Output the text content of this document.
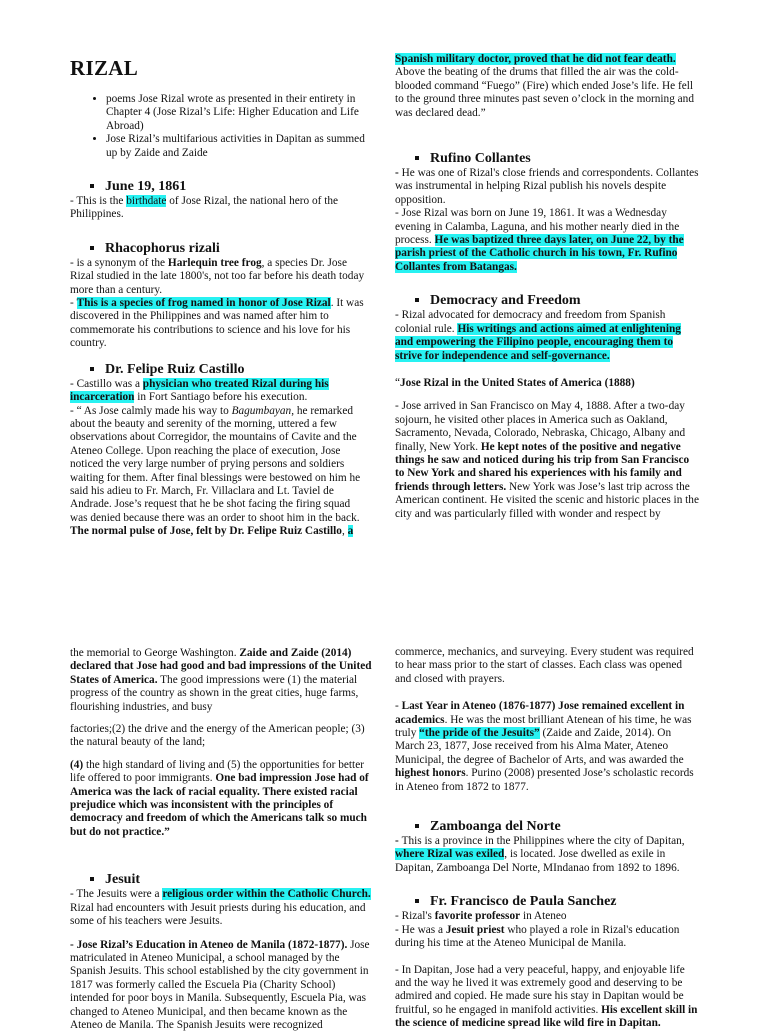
RIZAL
• poems Jose Rizal wrote as presented in their entirety in Chapter 4 (Jose Rizal’s Life: Higher Education and Life Abroad)
• Jose Rizal’s multifarious activities in Dapitan as summed up by Zaide and Zaide
June 19, 1861

- This is the birthdate of Jose Rizal, the national hero of the Philippines.

Rhacophorus rizali

- is a synonym of the Harlequin tree frog, a species Dr. Jose Rizal studied in the late 1800's, not too far before his death today more than a century.
- This is a species of frog named in honor of Jose Rizal. It was discovered in the Philippines and was named after him to commemorate his contributions to science and his love for his country.

Dr. Felipe Ruiz Castillo

- Castillo was a physician who treated Rizal during his incarceration in Fort Santiago before his execution.
- “ As Jose calmly made his way to Bagumbayan, he remarked about the beauty and serenity of the morning, uttered a few observations about Corregidor, the mountains of Cavite and the Ateneo College. Upon reaching the place of execution, Jose noticed the very large number of prying persons and soldiers waiting for them. After final blessings were bestowed on him he said his adieu to Fr. March, Fr. Villaclara and Lt. Taviel de Andrade. Jose’s request that he be shot facing the firing squad was denied because there was an order to shoot him in the back. The normal pulse of Jose, felt by Dr. Felipe Ruiz Castillo, a

Spanish military doctor, proved that he did not fear death. Above the beating of the drums that filled the air was the cold-blooded command “Fuego” (Fire) which ended Jose’s life. He fell to the ground three minutes past seven o’clock in the morning and was declared dead.”

Rufino Collantes

- He was one of Rizal's close friends and correspondents. Collantes was instrumental in helping Rizal publish his novels despite opposition.
- Jose Rizal was born on June 19, 1861. It was a Wednesday evening in Calamba, Laguna, and his mother nearly died in the process. He was baptized three days later, on June 22, by the parish priest of the Catholic church in his town, Fr. Rufino Collantes from Batangas.

Democracy and Freedom

- Rizal advocated for democracy and freedom from Spanish colonial rule. His writings and actions aimed at enlightening and empowering the Filipino people, encouraging them to strive for independence and self-governance.

“Jose Rizal in the United States of America (1888)

- Jose arrived in San Francisco on May 4, 1888. After a two-day sojourn, he visited other places in America such as Oakland, Sacramento, Nevada, Colorado, Nebraska, Chicago, Albany and finally, New York. He kept notes of the positive and negative things he saw and noticed during his trip from San Francisco to New York and shared his experiences with his family and friends through letters. New York was Jose’s last trip across the American continent. He visited the scenic and historic places in the city and was particularly filled with wonder and respect by

the memorial to George Washington. Zaide and Zaide (2014) declared that Jose had good and bad impressions of the United States of America. The good impressions were (1) the material progress of the country as shown in the great cities, huge farms, flourishing industries, and busy

factories;(2) the drive and the energy of the American people; (3) the natural beauty of the land;

(4) the high standard of living and (5) the opportunities for better life offered to poor immigrants. One bad impression Jose had of America was the lack of racial equality. There existed racial prejudice which was inconsistent with the principles of democracy and freedom of which the Americans talk so much but do not practice.”

Jesuit

- The Jesuits were a religious order within the Catholic Church. Rizal had encounters with Jesuit priests during his education, and some of his teachers were Jesuits.

- Jose Rizal’s Education in Ateneo de Manila (1872-1877). Jose matriculated in Ateneo Municipal, a school managed by the Spanish Jesuits. This school established by the city government in 1817 was formerly called the Escuela Pia (Charity School) intended for poor boys in Manila. Subsequently, Escuela Pia, was changed to Ateneo Municipal, and then became known as the Ateneo de Manila. The Spanish Jesuits were recognized

commerce, mechanics, and surveying. Every student was required to hear mass prior to the start of classes. Each class was opened and closed with prayers.

- Last Year in Ateneo (1876-1877) Jose remained excellent in academics. He was the most brilliant Atenean of his time, he was truly “the pride of the Jesuits” (Zaide and Zaide, 2014). On March 23, 1877, Jose received from his Alma Mater, Ateneo Municipal, the degree of Bachelor of Arts, and was awarded the highest honors. Purino (2008) presented Jose’s scholastic records in Ateneo from 1872 to 1877.

Zamboanga del Norte

- This is a province in the Philippines where the city of Dapitan, where Rizal was exiled, is located. Jose dwelled as exile in Dapitan, Zamboanga Del Norte, MIndanao from 1892 to 1896.

Fr. Francisco de Paula Sanchez

- Rizal's favorite professor in Ateneo
- He was a Jesuit priest who played a role in Rizal's education during his time at the Ateneo Municipal de Manila.

- In Dapitan, Jose had a very peaceful, happy, and enjoyable life and the way he lived it was extremely good and deserving to be admired and copied. He made sure his stay in Dapitan would be fruitful, so he engaged in manifold activities. His excellent skill in the science of medicine spread like wild fire in Dapitan.
